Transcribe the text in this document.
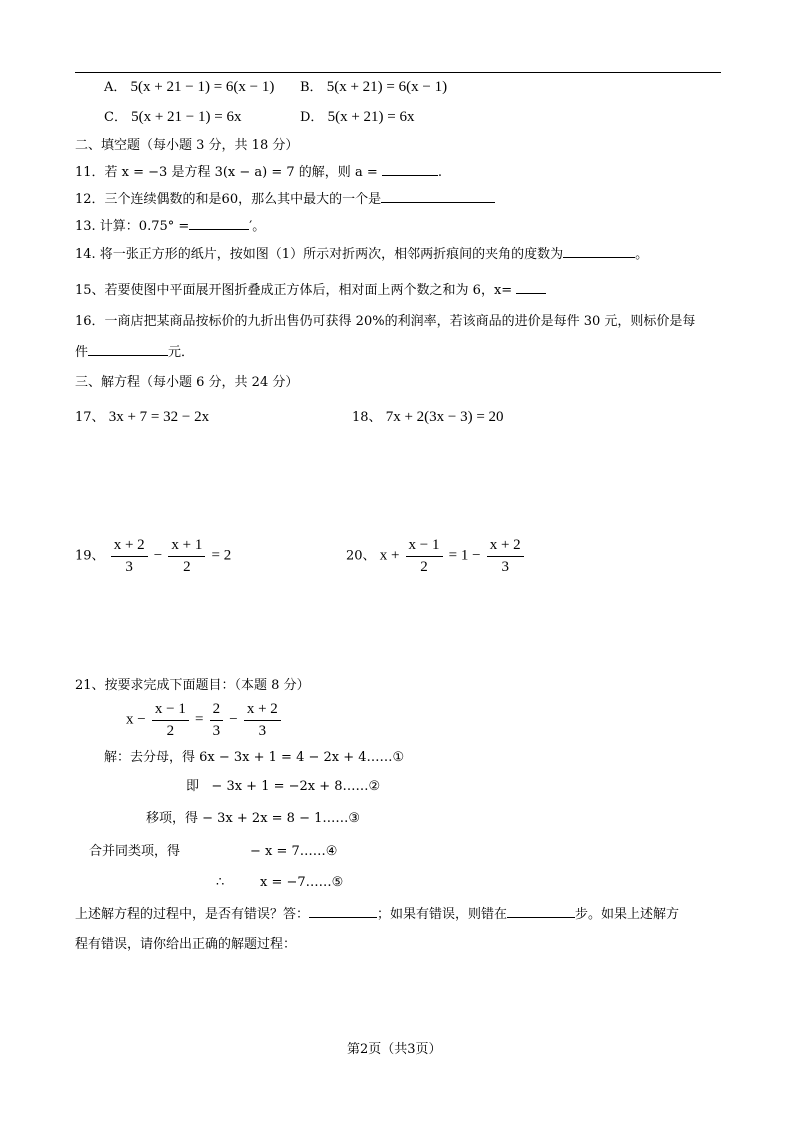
A． 5(x + 21 − 1) = 6(x − 1) B． 5(x + 21) = 6(x − 1)
C． 5(x + 21 − 1) = 6x	D． 5(x + 21) = 6x
二、填空题（每小题 3 分，共 18 分）
11．若 x = −3 是方程 3(x − a) = 7 的解，则 a =	.
12．三个连续偶数的和是60，那么其中最大的一个是
13. 计算：0.75° =	′。
14. 将一张正方形的纸片，按如图（1）所示对折两次，相邻两折痕间的夹角的度数为	。
15、若要使图中平面展开图折叠成正方体后，相对面上两个数之和为 6，x=
16．一商店把某商品按标价的九折出售仍可获得 20%的利润率，若该商品的进价是每件 30 元，则标价是每
件	元．
三、解方程（每小题 6 分，共 24 分）
17、 3x + 7 = 32 − 2x	18、 7x + 2(3x − 3) = 20
19、 $\frac{x + 2}{3} - \frac{x + 1}{2} = 2$	20、 $x + \frac{x - 1}{2} = 1 - \frac{x + 2}{3}$
21、按要求完成下面题目：（本题 8 分）
$x - \frac{x - 1}{2} = \frac{2}{3} - \frac{x + 2}{3}$
解：去分母，得 6x − 3x + 1 = 4 − 2x + 4……①
即 − 3x + 1 = −2x + 8……②
移项，得 − 3x + 2x = 8 − 1……③
合并同类项，得	− x = 7……④
∴	x = −7……⑤
上述解方程的过程中，是否有错误？答：	；如果有错误，则错在	步。如果上述解方
程有错误，请你给出正确的解题过程：
第2页（共3页）
